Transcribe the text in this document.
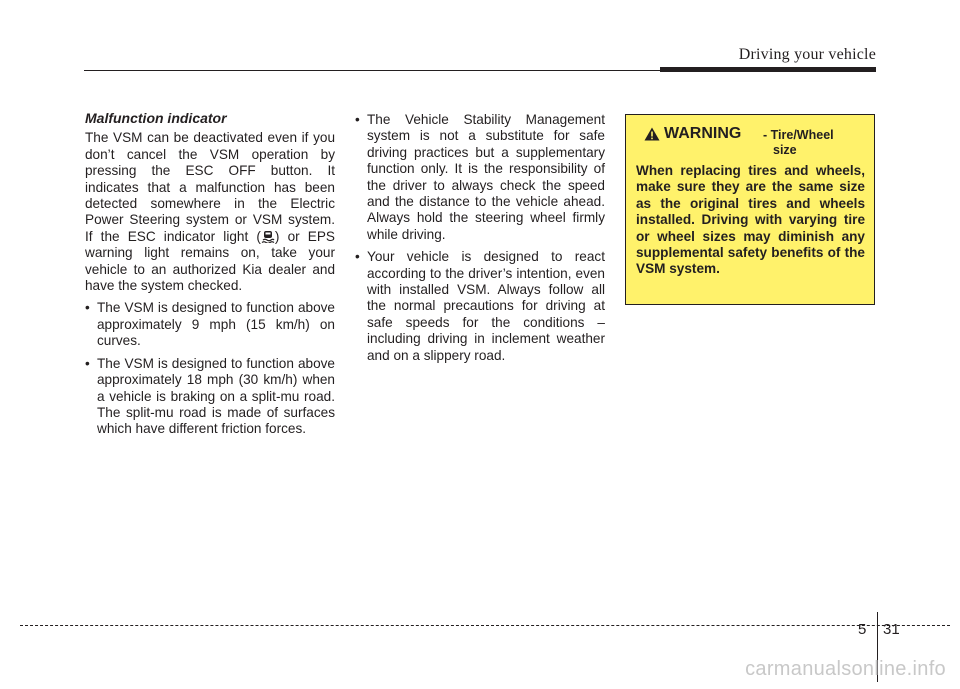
Driving your vehicle
Malfunction indicator

The VSM can be deactivated even if you don’t cancel the VSM operation by pressing the ESC OFF button. It indicates that a malfunction has been detected somewhere in the Electric Power Steering system or VSM system. If the ESC indicator light ( ) or EPS warning light remains on, take your vehicle to an authorized Kia dealer and have the system checked.

• The VSM is designed to function above approximately 9 mph (15 km/h) on curves.
• The VSM is designed to function above approximately 18 mph (30 km/h) when a vehicle is braking on a split-mu road. The split-mu road is made of surfaces which have different friction forces.
• The Vehicle Stability Management system is not a substitute for safe driving practices but a supplementary function only. It is the responsibility of the driver to always check the speed and the distance to the vehicle ahead. Always hold the steering wheel firmly while driving.
• Your vehicle is designed to react according to the driver’s intention, even with installed VSM. Always follow all the normal precautions for driving at safe speeds for the conditions – including driving in inclement weather and on a slippery road.
WARNING - Tire/Wheel
size

When replacing tires and wheels, make sure they are the same size as the original tires and wheels installed. Driving with varying tire or wheel sizes may diminish any supplemental safety benefits of the VSM system.

5 31
carmanualsonline.info
